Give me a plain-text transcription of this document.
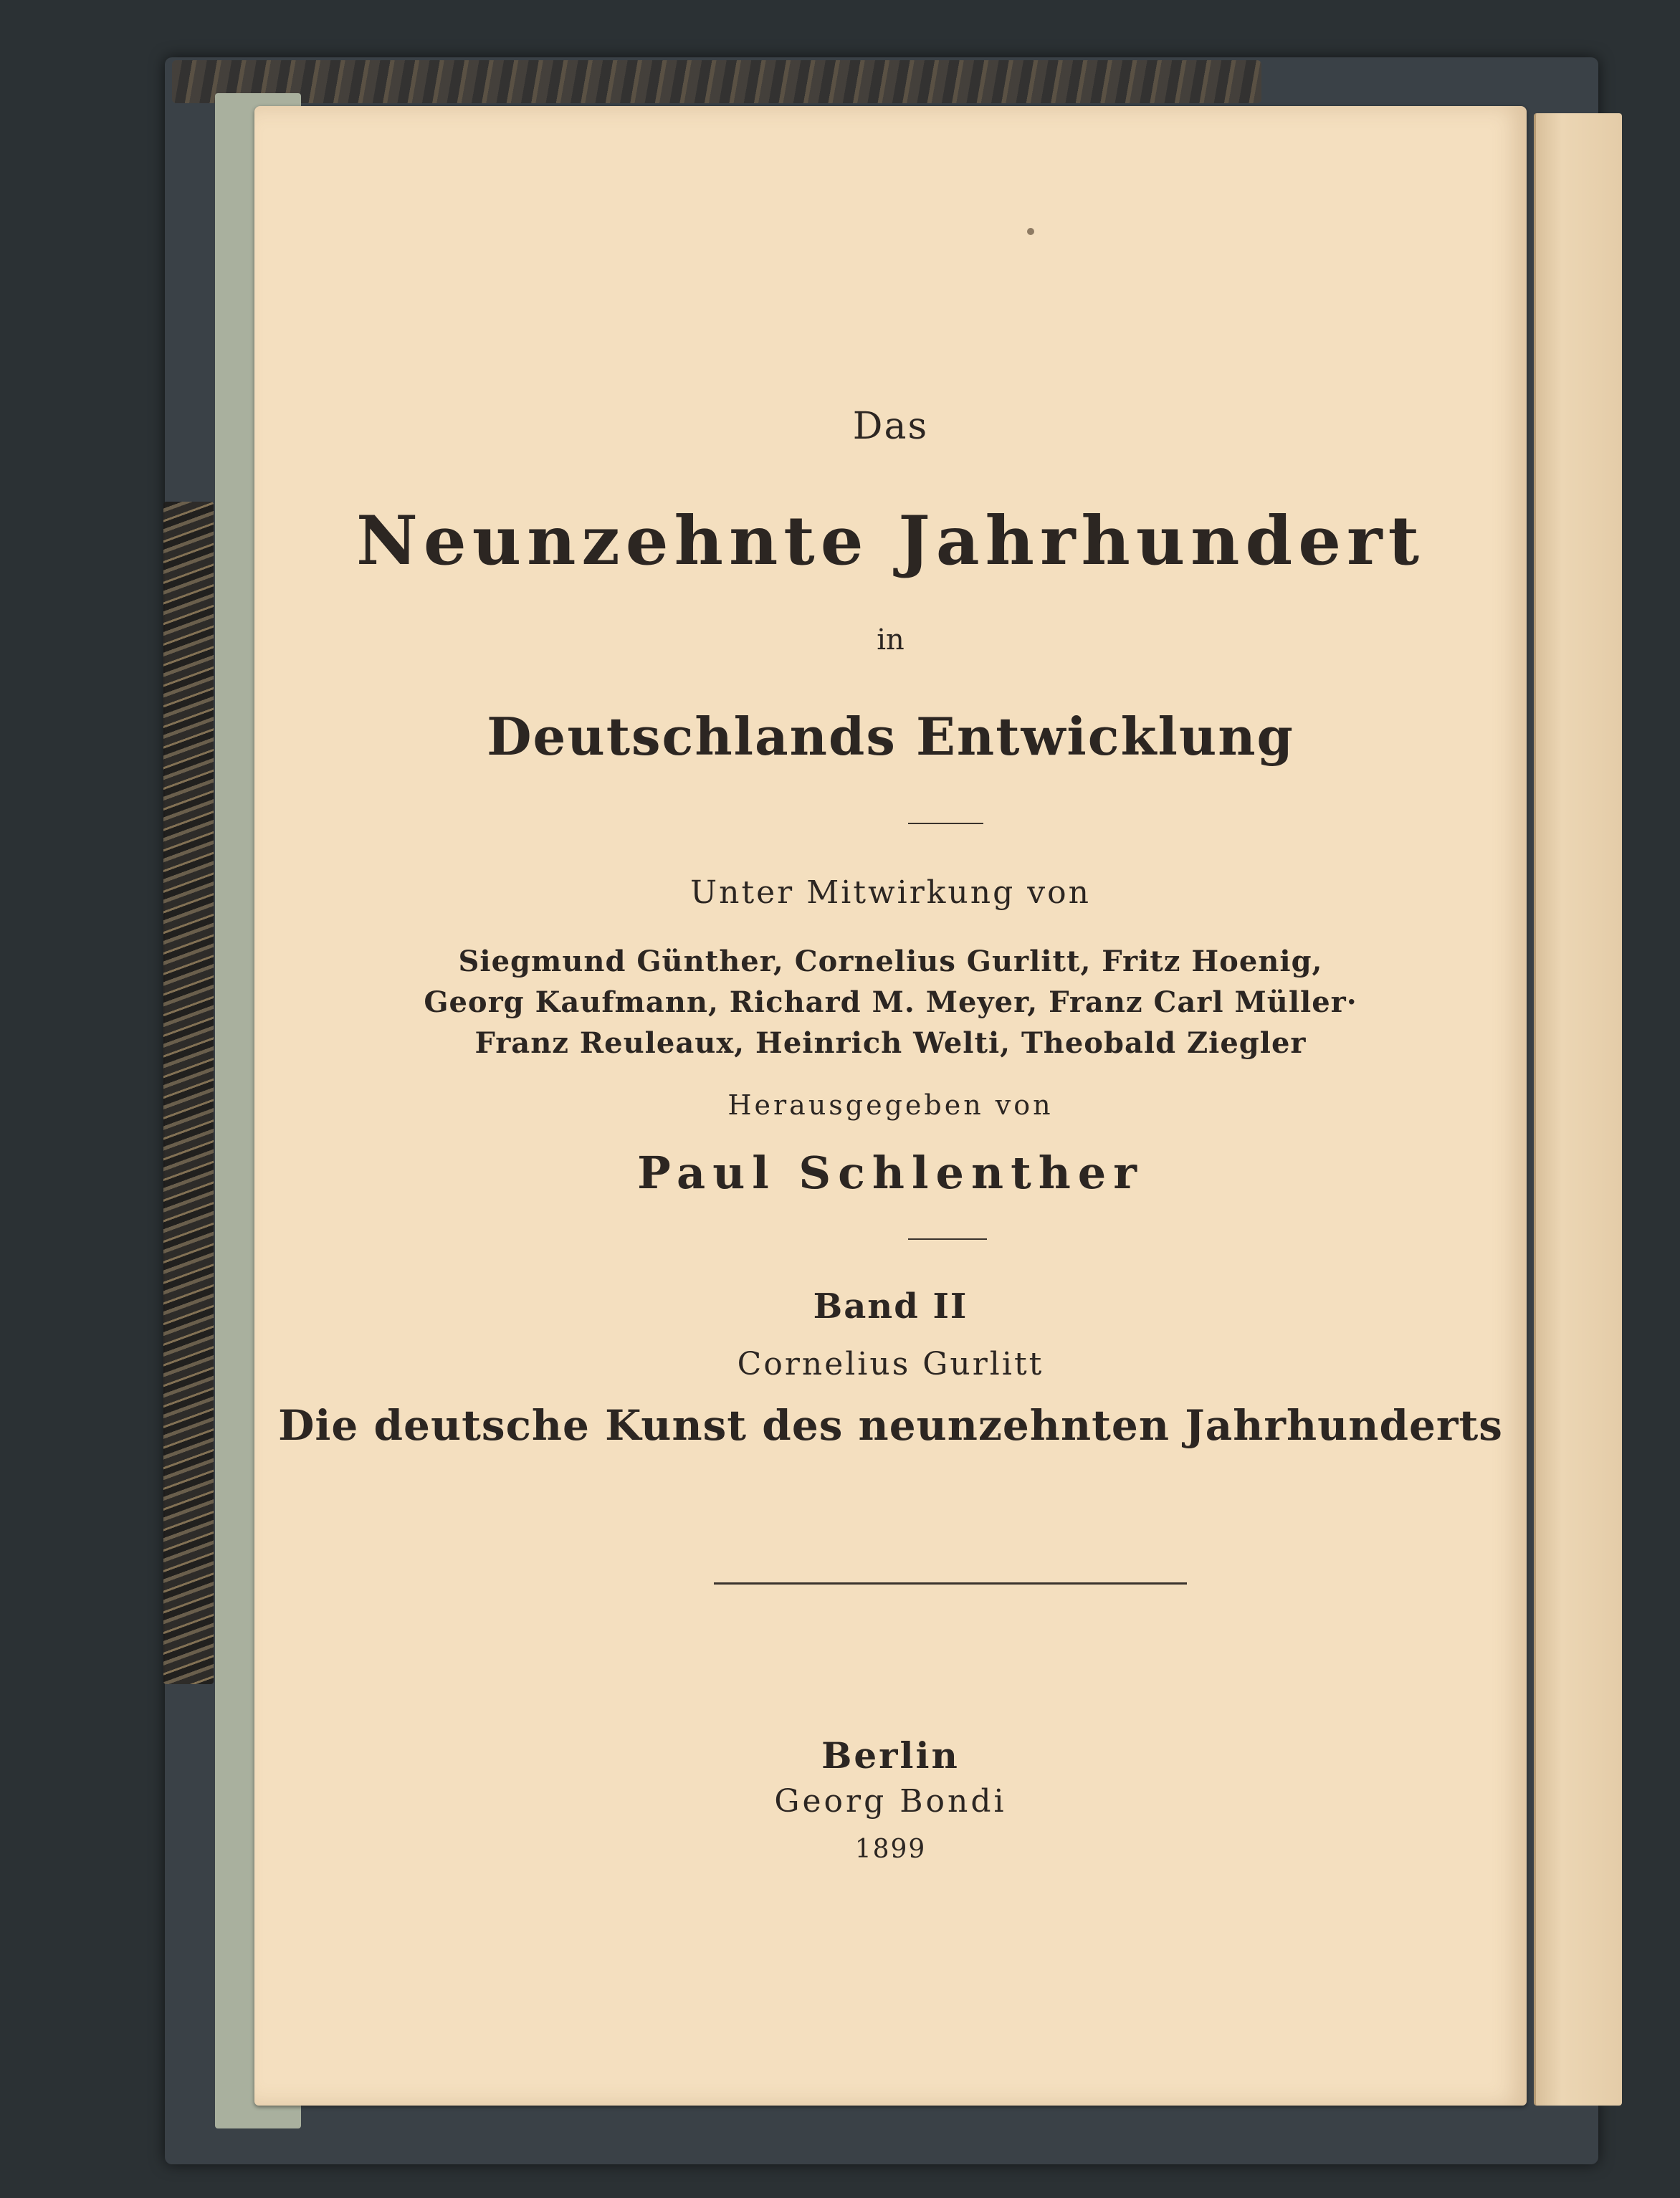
Das
Neunzehnte Jahrhundert
in
Deutschlands Entwicklung
Unter Mitwirkung von
Siegmund Günther, Cornelius Gurlitt, Fritz Hoenig,
Georg Kaufmann, Richard M. Meyer, Franz Carl Müller·
Franz Reuleaux, Heinrich Welti, Theobald Ziegler
Herausgegeben von
Paul Schlenther
Band II
Cornelius Gurlitt
Die deutsche Kunst des neunzehnten Jahrhunderts
Berlin
Georg Bondi
1899
